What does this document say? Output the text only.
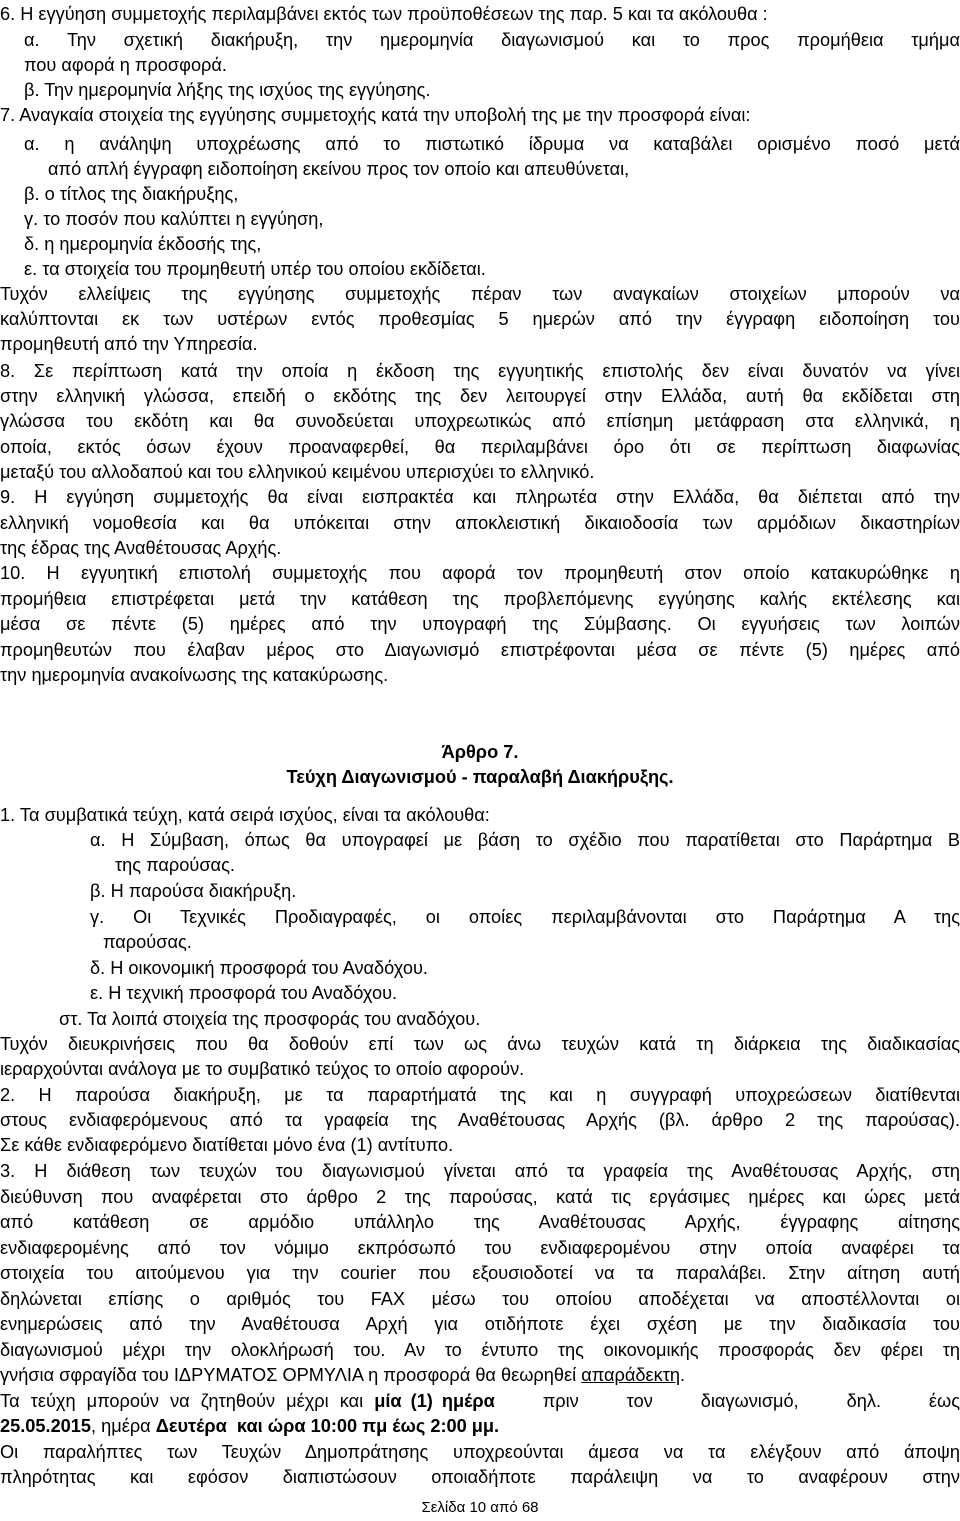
6. Η εγγύηση συμμετοχής περιλαμβάνει εκτός των προϋποθέσεων της παρ. 5 και τα ακόλουθα :
α. Την σχετική διακήρυξη, την ημερομηνία διαγωνισμού και το προς προμήθεια τμήμα
που αφορά η προσφορά.
β. Την ημερομηνία λήξης της ισχύος της εγγύησης.
7. Αναγκαία στοιχεία της εγγύησης συμμετοχής κατά την υποβολή της με την προσφορά είναι:
α. η ανάληψη υποχρέωσης από το πιστωτικό ίδρυμα να καταβάλει ορισμένο ποσό μετά
από απλή έγγραφη ειδοποίηση εκείνου προς τον οποίο και απευθύνεται,
β. ο τίτλος της διακήρυξης,
γ. το ποσόν που καλύπτει η εγγύηση,
δ. η ημερομηνία έκδοσής της,
ε. τα στοιχεία του προμηθευτή υπέρ του οποίου εκδίδεται.
Τυχόν ελλείψεις της εγγύησης συμμετοχής πέραν των αναγκαίων στοιχείων μπορούν να
καλύπτονται εκ των υστέρων εντός προθεσμίας 5 ημερών από την έγγραφη ειδοποίηση του
προμηθευτή από την Υπηρεσία.
8. Σε περίπτωση κατά την οποία η έκδοση της εγγυητικής επιστολής δεν είναι δυνατόν να γίνει
στην ελληνική γλώσσα, επειδή ο εκδότης της δεν λειτουργεί στην Ελλάδα, αυτή θα εκδίδεται στη
γλώσσα του εκδότη και θα συνοδεύεται υποχρεωτικώς από επίσημη μετάφραση στα ελληνικά, η
οποία, εκτός όσων έχουν προαναφερθεί, θα περιλαμβάνει όρο ότι σε περίπτωση διαφωνίας
μεταξύ του αλλοδαπού και του ελληνικού κειμένου υπερισχύει το ελληνικό.
9. Η εγγύηση συμμετοχής θα είναι εισπρακτέα και πληρωτέα στην Ελλάδα, θα διέπεται από την
ελληνική νομοθεσία και θα υπόκειται στην αποκλειστική δικαιοδοσία των αρμόδιων δικαστηρίων
της έδρας της Αναθέτουσας Αρχής.
10. Η εγγυητική επιστολή συμμετοχής που αφορά τον προμηθευτή στον οποίο κατακυρώθηκε η
προμήθεια επιστρέφεται μετά την κατάθεση της προβλεπόμενης εγγύησης καλής εκτέλεσης και
μέσα σε πέντε (5) ημέρες από την υπογραφή της Σύμβασης. Οι εγγυήσεις των λοιπών
προμηθευτών που έλαβαν μέρος στο Διαγωνισμό επιστρέφονται μέσα σε πέντε (5) ημέρες από
την ημερομηνία ανακοίνωσης της κατακύρωσης.
Άρθρο 7.
Τεύχη Διαγωνισμού - παραλαβή Διακήρυξης.
1. Τα συμβατικά τεύχη, κατά σειρά ισχύος, είναι τα ακόλουθα:
α. Η Σύμβαση, όπως θα υπογραφεί με βάση το σχέδιο που παρατίθεται στο Παράρτημα Β
της παρούσας.
β. Η παρούσα διακήρυξη.
γ. Οι Τεχνικές Προδιαγραφές, οι οποίες περιλαμβάνονται στο Παράρτημα Α της
παρούσας.
δ. Η οικονομική προσφορά του Αναδόχου.
ε. Η τεχνική προσφορά του Αναδόχου.
στ. Τα λοιπά στοιχεία της προσφοράς του αναδόχου.
Τυχόν διευκρινήσεις που θα δοθούν επί των ως άνω τευχών κατά τη διάρκεια της διαδικασίας
ιεραρχούνται ανάλογα με το συμβατικό τεύχος το οποίο αφορούν.
2. Η παρούσα διακήρυξη, με τα παραρτήματά της και η συγγραφή υποχρεώσεων διατίθενται
στους ενδιαφερόμενους από τα γραφεία της Αναθέτουσας Αρχής (βλ. άρθρο 2 της παρούσας).
Σε κάθε ενδιαφερόμενο διατίθεται μόνο ένα (1) αντίτυπο.
3. Η διάθεση των τευχών του διαγωνισμού γίνεται από τα γραφεία της Αναθέτουσας Αρχής, στη
διεύθυνση που αναφέρεται στο άρθρο 2 της παρούσας, κατά τις εργάσιμες ημέρες και ώρες μετά
από κατάθεση σε αρμόδιο υπάλληλο της Αναθέτουσας Αρχής, έγγραφης αίτησης
ενδιαφερομένης από τον νόμιμο εκπρόσωπό του ενδιαφερομένου στην οποία αναφέρει τα
στοιχεία του αιτούμενου για την courier που εξουσιοδοτεί να τα παραλάβει. Στην αίτηση αυτή
δηλώνεται επίσης ο αριθμός του FAX μέσω του οποίου αποδέχεται να αποστέλλονται οι
ενημερώσεις από την Αναθέτουσα Αρχή για οτιδήποτε έχει σχέση με την διαδικασία του
διαγωνισμού μέχρι την ολοκλήρωσή του. Αν το έντυπο της οικονομικής προσφοράς δεν φέρει τη
γνήσια σφραγίδα του ΙΔΡΥΜΑΤΟΣ ΟΡΜΥΛΙΑ η προσφορά θα θεωρηθεί απαράδεκτη.
Τα τεύχη μπορούν να ζητηθούν μέχρι και μία (1) ημέρα πριν τον διαγωνισμό, δηλ. έως
25.05.2015, ημέρα Δευτέρα  και ώρα 10:00 πμ έως 2:00 μμ.
Οι παραλήπτες των Τευχών Δημοπράτησης υποχρεούνται άμεσα να τα ελέγξουν από άποψη
πληρότητας και εφόσον διαπιστώσουν οποιαδήποτε παράλειψη να το αναφέρουν στην
Σελίδα 10 από 68
